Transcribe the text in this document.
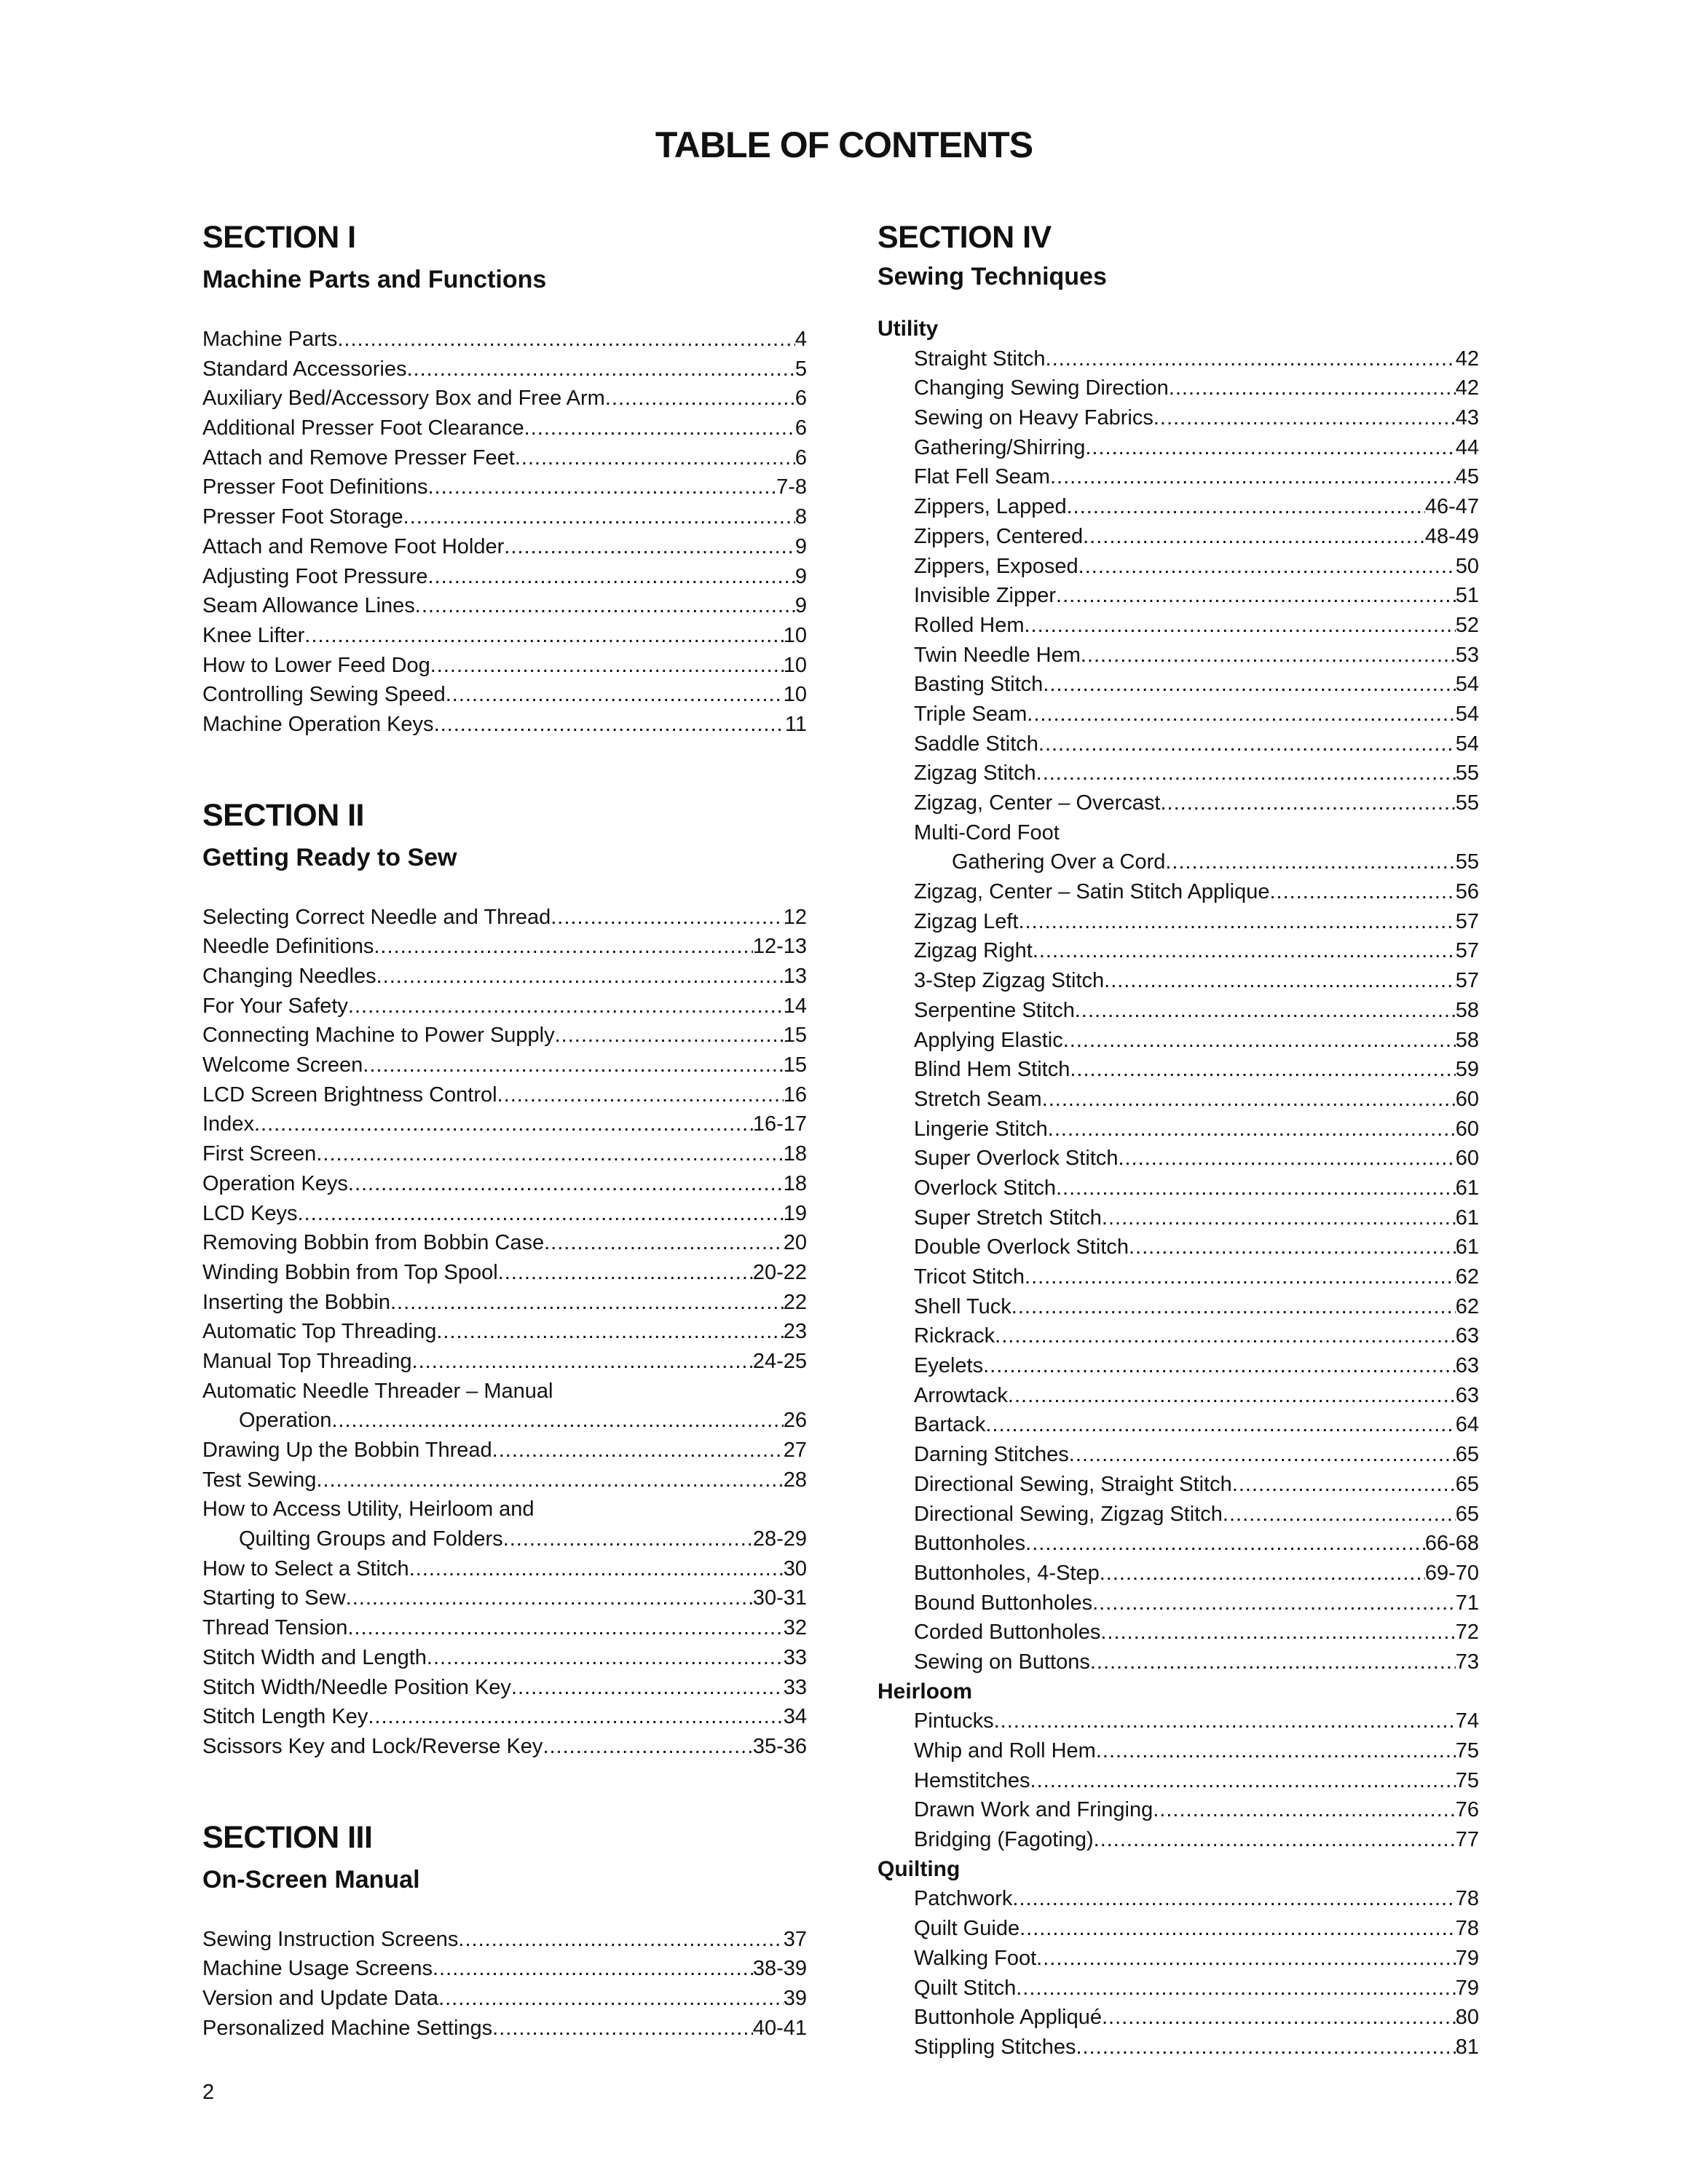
TABLE OF CONTENTS
SECTION I
Machine Parts and Functions
Machine Parts .....	4
Standard Accessories .....	5
Auxiliary Bed/Accessory Box and Free Arm .....	6
Additional Presser Foot Clearance .....	6
Attach and Remove Presser Feet .....	6
Presser Foot Definitions .....	7-8
Presser Foot Storage .....	8
Attach and Remove Foot Holder .....	9
Adjusting Foot Pressure .....	9
Seam Allowance Lines .....	9
Knee Lifter .....	10
How to Lower Feed Dog .....	10
Controlling Sewing Speed .....	10
Machine Operation Keys .....	11
SECTION II
Getting Ready to Sew
Selecting Correct Needle and Thread .....	12
Needle Definitions .....	12-13
Changing Needles .....	13
For Your Safety .....	14
Connecting Machine to Power Supply .....	15
Welcome Screen .....	15
LCD Screen Brightness Control .....	16
Index .....	16-17
First Screen .....	18
Operation Keys .....	18
LCD Keys .....	19
Removing Bobbin from Bobbin Case .....	20
Winding Bobbin from Top Spool .....	20-22
Inserting the Bobbin .....	22
Automatic Top Threading .....	23
Manual Top Threading .....	24-25
Automatic Needle Threader – Manual
Operation .....	26
Drawing Up the Bobbin Thread .....	27
Test Sewing .....	28
How to Access Utility, Heirloom and
Quilting Groups and Folders .....	28-29
How to Select a Stitch .....	30
Starting to Sew .....	30-31
Thread Tension .....	32
Stitch Width and Length .....	33
Stitch Width/Needle Position Key .....	33
Stitch Length Key .....	34
Scissors Key and Lock/Reverse Key .....	35-36
SECTION III
On-Screen Manual
Sewing Instruction Screens .....	37
Machine Usage Screens .....	38-39
Version and Update Data .....	39
Personalized Machine Settings .....	40-41
SECTION IV
Sewing Techniques
Utility
Straight Stitch .....	42
Changing Sewing Direction .....	42
Sewing on Heavy Fabrics .....	43
Gathering/Shirring .....	44
Flat Fell Seam .....	45
Zippers, Lapped .....	46-47
Zippers, Centered .....	48-49
Zippers, Exposed .....	50
Invisible Zipper .....	51
Rolled Hem .....	52
Twin Needle Hem .....	53
Basting Stitch .....	54
Triple Seam .....	54
Saddle Stitch .....	54
Zigzag Stitch .....	55
Zigzag, Center – Overcast .....	55
Multi-Cord Foot
Gathering Over a Cord .....	55
Zigzag, Center – Satin Stitch Applique .....	56
Zigzag Left .....	57
Zigzag Right .....	57
3-Step Zigzag Stitch .....	57
Serpentine Stitch .....	58
Applying Elastic .....	58
Blind Hem Stitch .....	59
Stretch Seam .....	60
Lingerie Stitch .....	60
Super Overlock Stitch .....	60
Overlock Stitch .....	61
Super Stretch Stitch .....	61
Double Overlock Stitch .....	61
Tricot Stitch .....	62
Shell Tuck .....	62
Rickrack .....	63
Eyelets .....	63
Arrowtack .....	63
Bartack .....	64
Darning Stitches .....	65
Directional Sewing, Straight Stitch .....	65
Directional Sewing, Zigzag Stitch .....	65
Buttonholes .....	66-68
Buttonholes, 4-Step .....	69-70
Bound Buttonholes .....	71
Corded Buttonholes .....	72
Sewing on Buttons .....	73
Heirloom
Pintucks .....	74
Whip and Roll Hem .....	75
Hemstitches .....	75
Drawn Work and Fringing .....	76
Bridging (Fagoting) .....	77
Quilting
Patchwork .....	78
Quilt Guide .....	78
Walking Foot .....	79
Quilt Stitch .....	79
Buttonhole Appliqué .....	80
Stippling Stitches .....	81
2
